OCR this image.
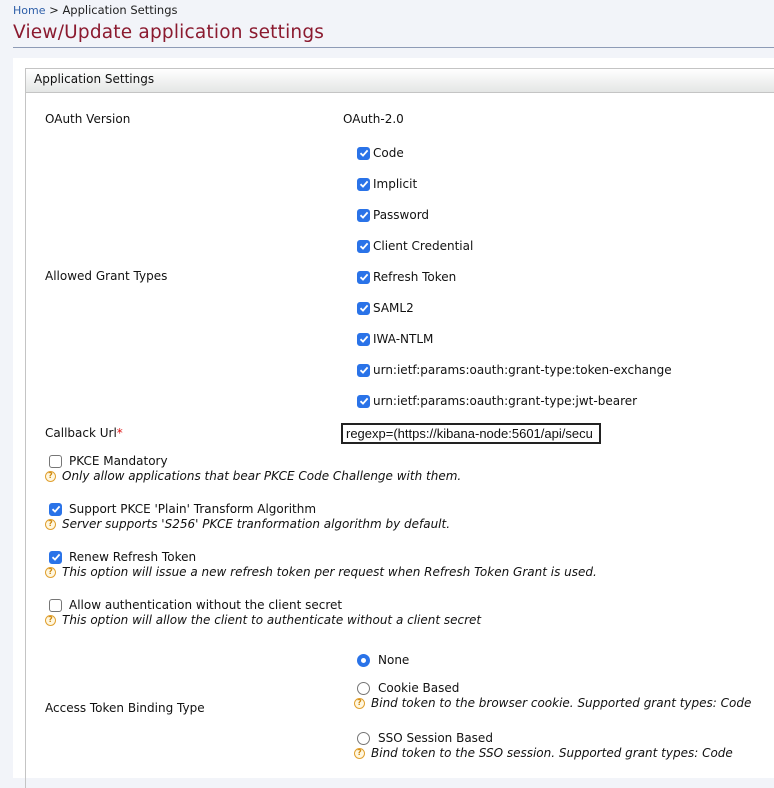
Home > Application Settings
View/Update application settings
Application Settings
OAuth Version	OAuth-2.0
Allowed Grant Types
Code
Implicit
Password
Client Credential
Refresh Token
SAML2
IWA-NTLM
urn:ietf:params:oauth:grant-type:token-exchange
urn:ietf:params:oauth:grant-type:jwt-bearer
Callback Url*
regexp=(https://kibana-node:5601/api/secu
PKCE Mandatory
? Only allow applications that bear PKCE Code Challenge with them.
Support PKCE 'Plain' Transform Algorithm
? Server supports 'S256' PKCE tranformation algorithm by default.
Renew Refresh Token
? This option will issue a new refresh token per request when Refresh Token Grant is used.
Allow authentication without the client secret
? This option will allow the client to authenticate without a client secret
Access Token Binding Type
None
Cookie Based
? Bind token to the browser cookie. Supported grant types: Code
SSO Session Based
? Bind token to the SSO session. Supported grant types: Code
